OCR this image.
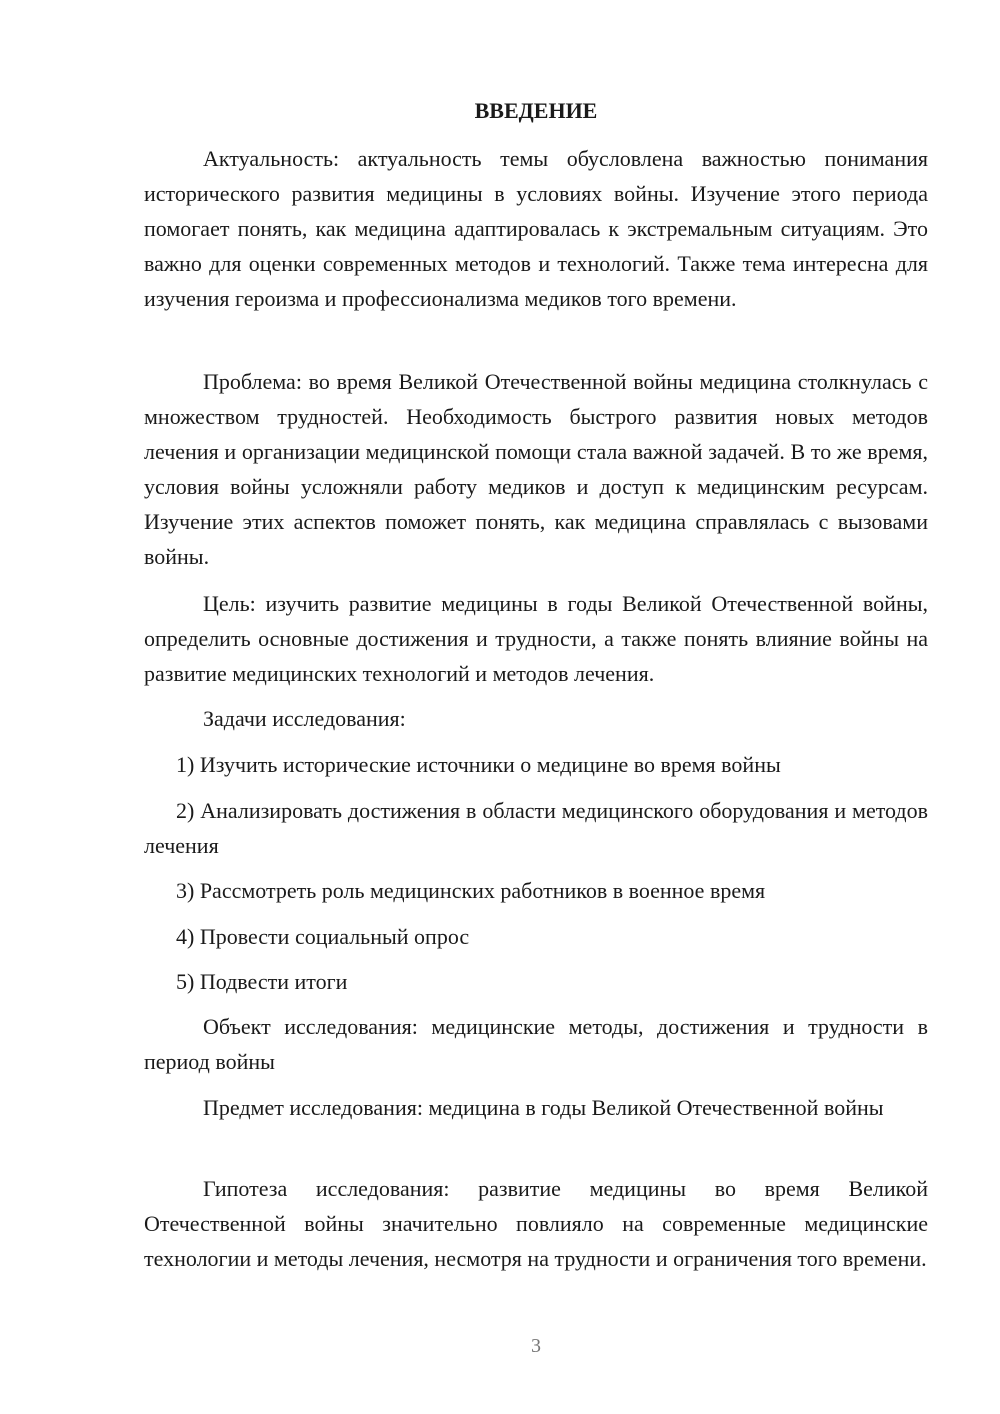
ВВЕДЕНИЕ

Актуальность: актуальность темы обусловлена важностью понимания исторического развития медицины в условиях войны. Изучение этого периода помогает понять, как медицина адаптировалась к экстремальным ситуациям. Это важно для оценки современных методов и технологий. Также тема интересна для изучения героизма и профессионализма медиков того времени.

Проблема: во время Великой Отечественной войны медицина столкнулась с множеством трудностей. Необходимость быстрого развития новых методов лечения и организации медицинской помощи стала важной задачей. В то же время, условия войны усложняли работу медиков и доступ к медицинским ресурсам. Изучение этих аспектов поможет понять, как медицина справлялась с вызовами войны.

Цель: изучить развитие медицины в годы Великой Отечественной войны, определить основные достижения и трудности, а также понять влияние войны на развитие медицинских технологий и методов лечения.

Задачи исследования:

1) Изучить исторические источники о медицине во время войны

2) Анализировать достижения в области медицинского оборудования и методов лечения

3) Рассмотреть роль медицинских работников в военное время

4) Провести социальный опрос

5) Подвести итоги

Объект исследования: медицинские методы, достижения и трудности в период войны

Предмет исследования: медицина в годы Великой Отечественной войны

Гипотеза исследования: развитие медицины во время Великой Отечественной войны значительно повлияло на современные медицинские технологии и методы лечения, несмотря на трудности и ограничения того времени.

3
